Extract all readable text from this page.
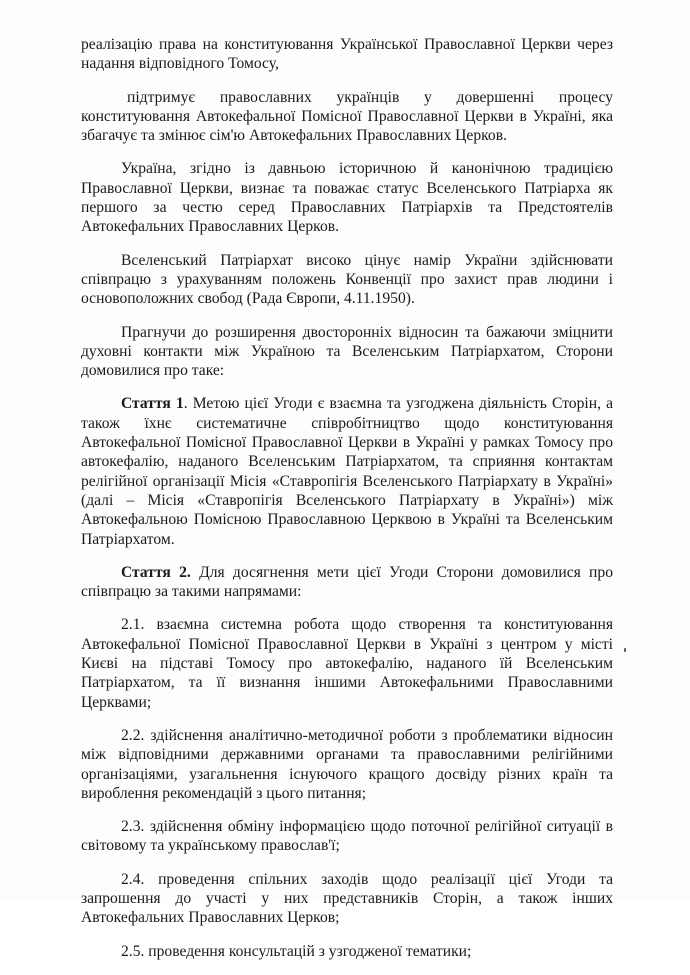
реалізацію права на конституювання Української Православної Церкви через надання відповідного Томосу,

підтримує православних українців у довершенні процесу конституювання Автокефальної Помісної Православної Церкви в Україні, яка збагачує та змінює сім'ю Автокефальних Православних Церков.

Україна, згідно із давньою історичною й канонічною традицією Православної Церкви, визнає та поважає статус Вселенського Патріарха як першого за честю серед Православних Патріархів та Предстоятелів Автокефальних Православних Церков.

Вселенський Патріархат високо цінує намір України здійснювати співпрацю з урахуванням положень Конвенції про захист прав людини і основоположних свобод (Рада Європи, 4.11.1950).

Прагнучи до розширення двосторонніх відносин та бажаючи зміцнити духовні контакти між Україною та Вселенським Патріархатом, Сторони домовилися про таке:

Стаття 1. Метою цієї Угоди є взаємна та узгоджена діяльність Сторін, а також їхнє систематичне співробітництво щодо конституювання Автокефальної Помісної Православної Церкви в Україні у рамках Томосу про автокефалію, наданого Вселенським Патріархатом, та сприяння контактам релігійної організації Місія «Ставропігія Вселенського Патріархату в Україні» (далі – Місія «Ставропігія Вселенського Патріархату в Україні») між Автокефальною Помісною Православною Церквою в Україні та Вселенським Патріархатом.

Стаття 2. Для досягнення мети цієї Угоди Сторони домовилися про співпрацю за такими напрямами:

2.1. взаємна системна робота щодо створення та конституювання Автокефальної Помісної Православної Церкви в Україні з центром у місті Києві на підставі Томосу про автокефалію, наданого їй Вселенським Патріархатом, та її визнання іншими Автокефальними Православними Церквами;

2.2. здійснення аналітично-методичної роботи з проблематики відносин між відповідними державними органами та православними релігійними організаціями, узагальнення існуючого кращого досвіду різних країн та вироблення рекомендацій з цього питання;

2.3. здійснення обміну інформацією щодо поточної релігійної ситуації в світовому та українському православ'ї;

2.4. проведення спільних заходів щодо реалізації цієї Угоди та запрошення до участі у них представників Сторін, а також інших Автокефальних Православних Церков;

2.5. проведення консультацій з узгодженої тематики;
